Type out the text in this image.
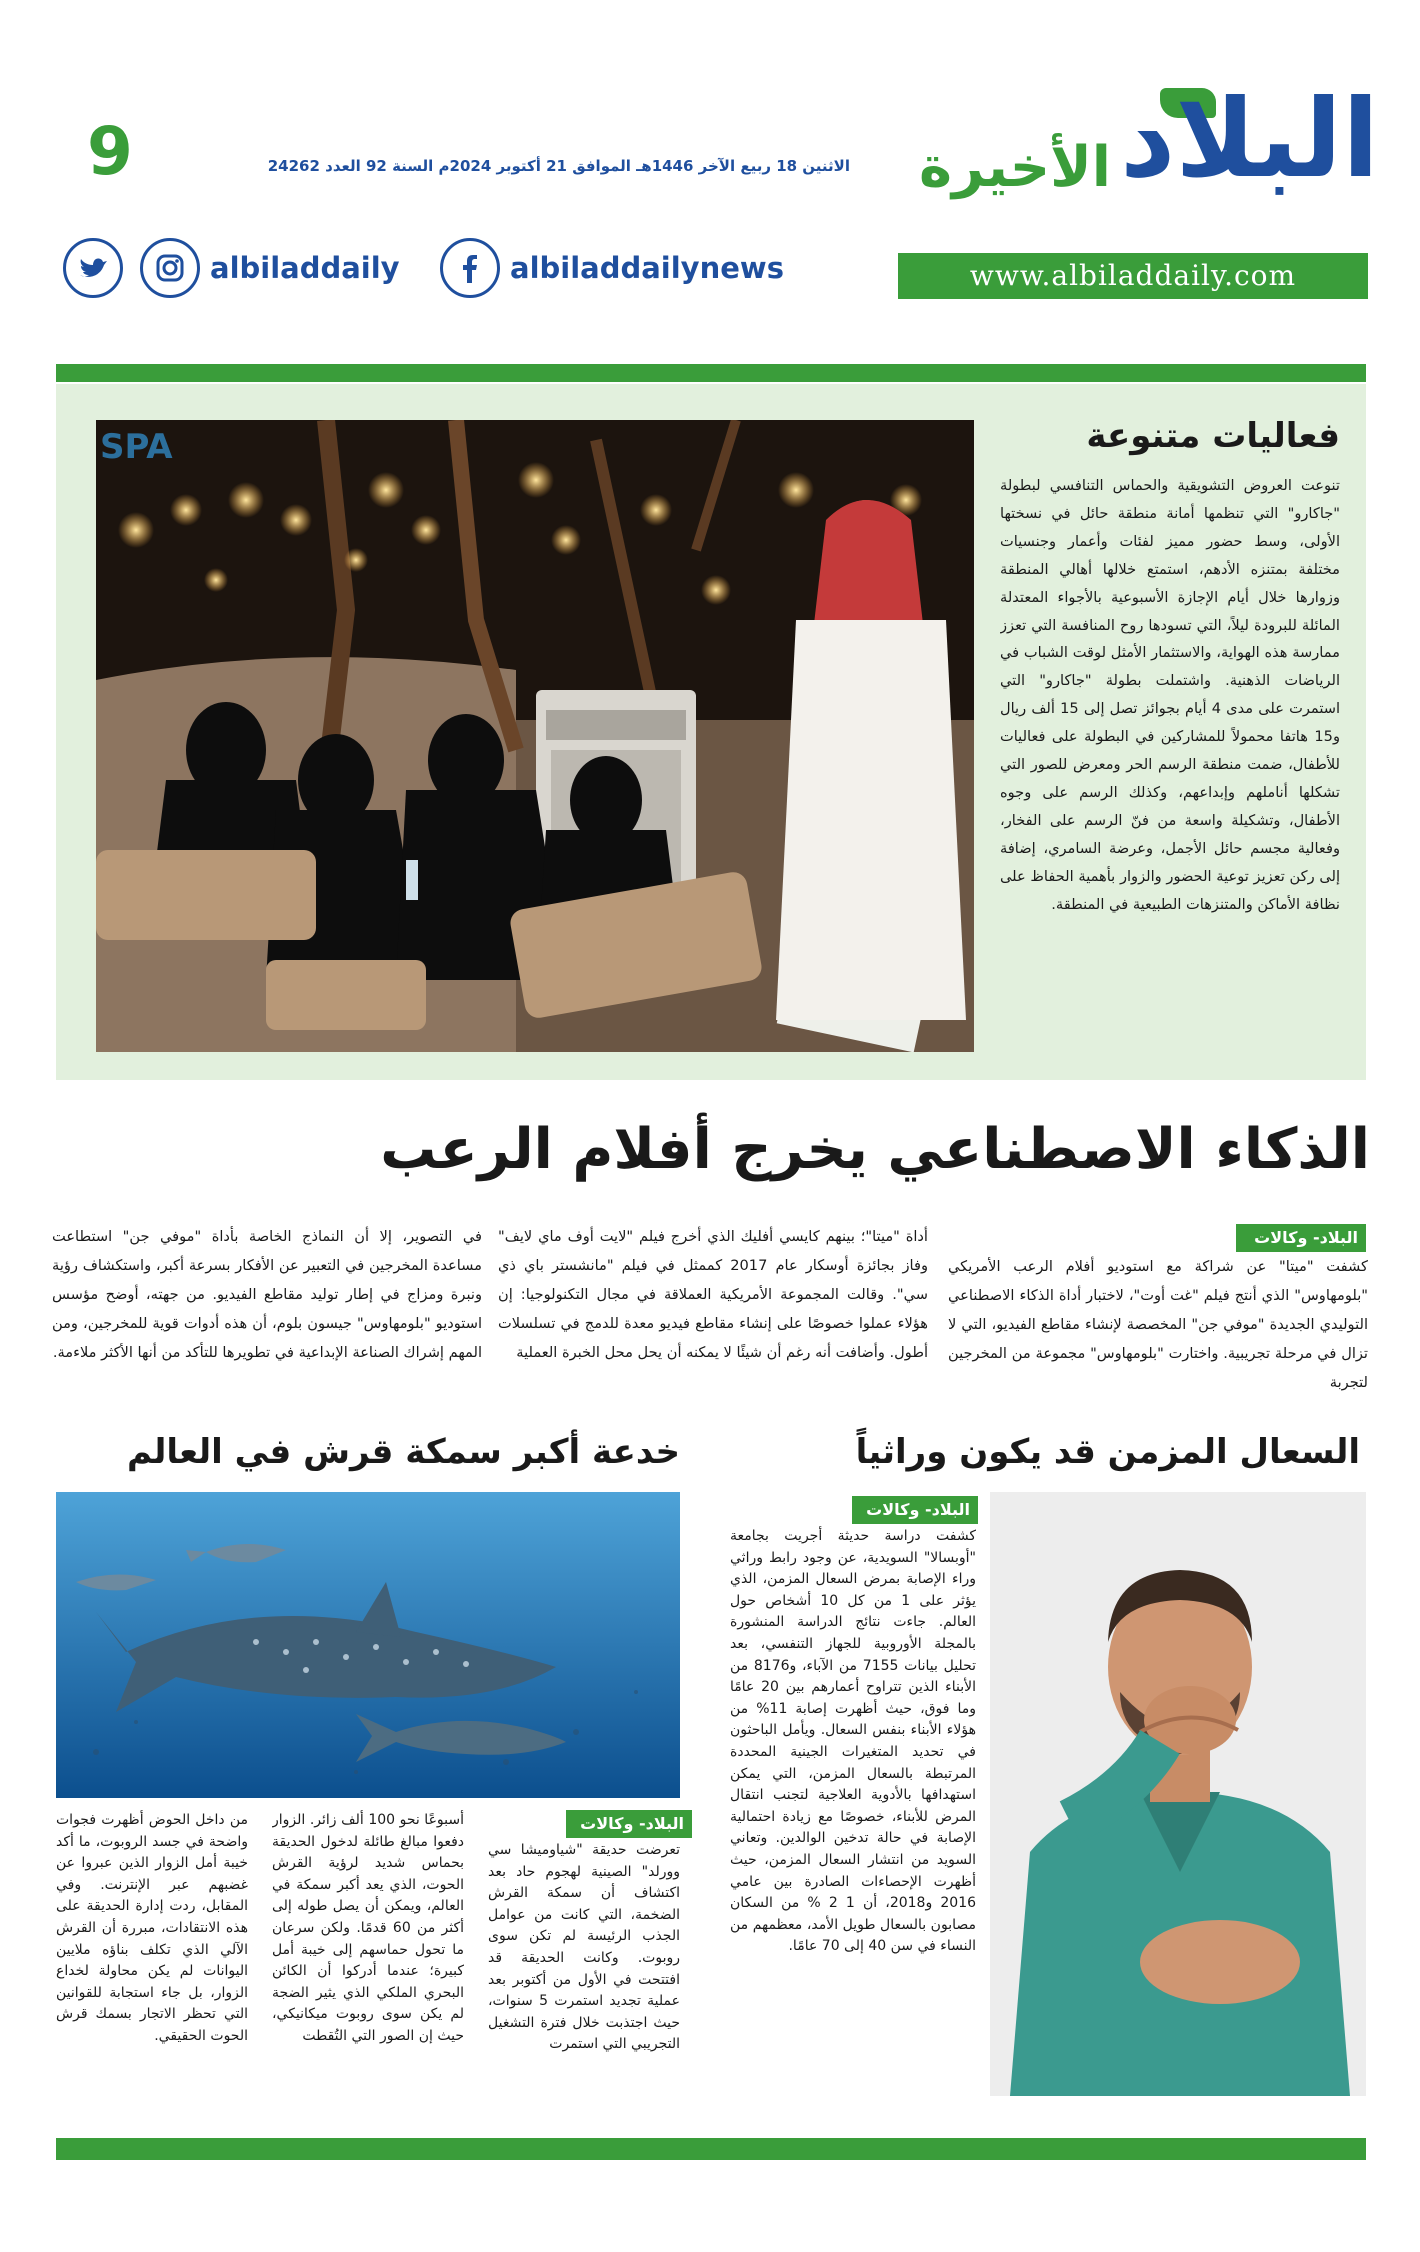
البلاد
الأخيرة
الاثنين 18 ربيع الآخر 1446هـ الموافق 21 أكتوبر 2024م السنة 92 العدد 24262
9
albiladdaily	albiladdailynews	www.albiladdaily.com
SPA	فعاليات متنوعة
تنوعت العروض التشويقية والحماس التنافسي لبطولة "جاكارو" التي تنظمها أمانة منطقة حائل في نسختها الأولى، وسط حضور مميز لفئات وأعمار وجنسيات مختلفة بمتنزه الأدهم، استمتع خلالها أهالي المنطقة وزوارها خلال أيام الإجازة الأسبوعية بالأجواء المعتدلة المائلة للبرودة ليلاً، التي تسودها روح المنافسة التي تعزز ممارسة هذه الهواية، والاستثمار الأمثل لوقت الشباب في الرياضات الذهنية. واشتملت بطولة "جاكارو" التي استمرت على مدى 4 أيام بجوائز تصل إلى 15 ألف ريال و15 هاتفا محمولاً للمشاركين في البطولة على فعاليات للأطفال، ضمت منطقة الرسم الحر ومعرض للصور التي تشكلها أناملهم وإبداعهم، وكذلك الرسم على وجوه الأطفال، وتشكيلة واسعة من فنّ الرسم على الفخار، وفعالية مجسم حائل الأجمل، وعرضة السامري، إضافة إلى ركن تعزيز توعية الحضور والزوار بأهمية الحفاظ على نظافة الأماكن والمتنزهات الطبيعية في المنطقة.
الذكاء الاصطناعي يخرج أفلام الرعب
البلاد- وكالات
كشفت "ميتا" عن شراكة مع استوديو أفلام الرعب الأمريكي "بلومهاوس" الذي أنتج فيلم "غت أوت"، لاختبار أداة الذكاء الاصطناعي التوليدي الجديدة "موفي جن" المخصصة لإنشاء مقاطع الفيديو، التي لا تزال في مرحلة تجريبية. واختارت "بلومهاوس" مجموعة من المخرجين لتجربة
أداة "ميتا"؛ بينهم كايسي أفليك الذي أخرج فيلم "لايت أوف ماي لايف" وفاز بجائزة أوسكار عام 2017 كممثل في فيلم "مانشستر باي ذي سي". وقالت المجموعة الأمريكية العملاقة في مجال التكنولوجيا: إن هؤلاء عملوا خصوصًا على إنشاء مقاطع فيديو معدة للدمج في تسلسلات أطول. وأضافت أنه رغم أن شيئًا لا يمكنه أن يحل محل الخبرة العملية
في التصوير، إلا أن النماذج الخاصة بأداة "موفي جن" استطاعت مساعدة المخرجين في التعبير عن الأفكار بسرعة أكبر، واستكشاف رؤية ونبرة ومزاج في إطار توليد مقاطع الفيديو. من جهته، أوضح مؤسس استوديو "بلومهاوس" جيسون بلوم، أن هذه أدوات قوية للمخرجين، ومن المهم إشراك الصناعة الإبداعية في تطويرها للتأكد من أنها الأكثر ملاءمة.
السعال المزمن قد يكون وراثياً
البلاد- وكالات
كشفت دراسة حديثة أجريت بجامعة "أوبسالا" السويدية، عن وجود رابط وراثي وراء الإصابة بمرض السعال المزمن، الذي يؤثر على 1 من كل 10 أشخاص حول العالم. جاءت نتائج الدراسة المنشورة بالمجلة الأوروبية للجهاز التنفسي، بعد تحليل بيانات 7155 من الآباء، و8176 من الأبناء الذين تتراوح أعمارهم بين 20 عامًا وما فوق، حيث أظهرت إصابة 11% من هؤلاء الأبناء بنفس السعال. ويأمل الباحثون في تحديد المتغيرات الجينية المحددة المرتبطة بالسعال المزمن، التي يمكن استهدافها بالأدوية العلاجية لتجنب انتقال المرض للأبناء، خصوصًا مع زيادة احتمالية الإصابة في حالة تدخين الوالدين. وتعاني السويد من انتشار السعال المزمن، حيث أظهرت الإحصاءات الصادرة بين عامي 2016 و2018، أن 1 2 % من السكان مصابون بالسعال طويل الأمد، معظمهم من النساء في سن 40 إلى 70 عامًا.
خدعة أكبر سمكة قرش في العالم
البلاد- وكالات
تعرضت حديقة "شياوميشا سي وورلد" الصينية لهجوم حاد بعد اكتشاف أن سمكة القرش الضخمة، التي كانت من عوامل الجذب الرئيسة لم تكن سوى روبوت. وكانت الحديقة قد افتتحت في الأول من أكتوبر بعد عملية تجديد استمرت 5 سنوات، حيث اجتذبت خلال فترة التشغيل التجريبي التي استمرت
أسبوعًا نحو 100 ألف زائر. الزوار دفعوا مبالغ طائلة لدخول الحديقة بحماس شديد لرؤية القرش الحوت، الذي يعد أكبر سمكة في العالم، ويمكن أن يصل طوله إلى أكثر من 60 قدمًا. ولكن سرعان ما تحول حماسهم إلى خيبة أمل كبيرة؛ عندما أدركوا أن الكائن البحري الملكي الذي يثير الضجة لم يكن سوى روبوت ميكانيكي، حيث إن الصور التي التُقطت
من داخل الحوض أظهرت فجوات واضحة في جسد الروبوت، ما أكد خيبة أمل الزوار الذين عبروا عن غضبهم عبر الإنترنت. وفي المقابل، ردت إدارة الحديقة على هذه الانتقادات، مبررة أن القرش الآلي الذي تكلف بناؤه ملايين اليوانات لم يكن محاولة لخداع الزوار، بل جاء استجابة للقوانين التي تحظر الاتجار بسمك قرش الحوت الحقيقي.
